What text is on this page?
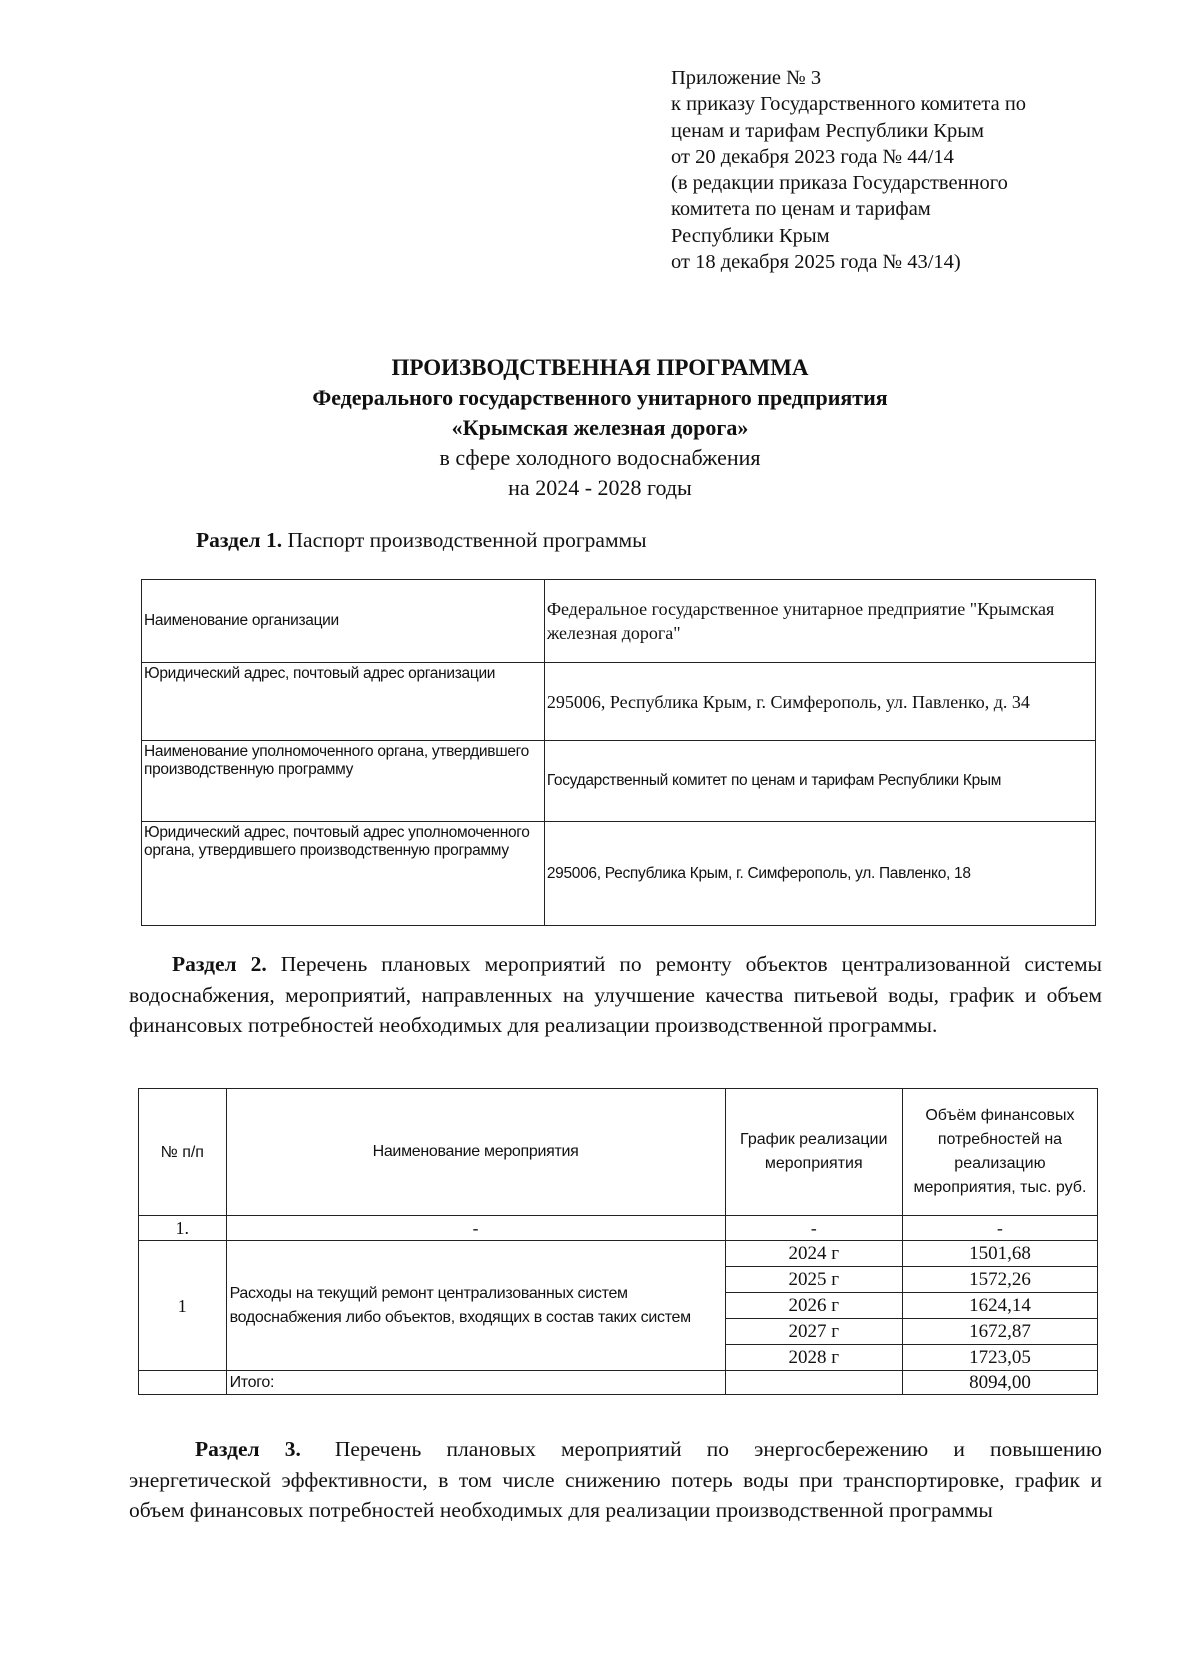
Приложение № 3
к приказу Государственного комитета по
ценам и тарифам Республики Крым
от 20 декабря 2023 года № 44/14
(в редакции приказа Государственного
комитета по ценам и тарифам
Республики Крым
от 18 декабря 2025 года № 43/14)
ПРОИЗВОДСТВЕННАЯ ПРОГРАММА
Федерального государственного унитарного предприятия
«Крымская железная дорога»
в сфере холодного водоснабжения
на 2024 - 2028 годы
Раздел 1. Паспорт производственной программы
Наименование организации	Федеральное государственное унитарное предприятие "Крымская железная дорога"
Юридический адрес, почтовый адрес организации	295006, Республика Крым, г. Симферополь, ул. Павленко, д. 34
Наименование уполномоченного органа, утвердившего производственную программу	Государственный комитет по ценам и тарифам Республики Крым
Юридический адрес, почтовый адрес уполномоченного органа, утвердившего производственную программу	295006, Республика Крым, г. Симферополь, ул. Павленко, 18
Раздел 2. Перечень плановых мероприятий по ремонту объектов централизованной системы водоснабжения, мероприятий, направленных на улучшение качества питьевой воды, график и объем финансовых потребностей необходимых для реализации производственной программы.
№ п/п	Наименование мероприятия	График реализации мероприятия	Объём финансовых потребностей на реализацию мероприятия, тыс. руб.
1.	-	-	-
1	Расходы на текущий ремонт централизованных систем водоснабжения либо объектов, входящих в состав таких систем	2024 г	1501,68
		2025 г	1572,26
		2026 г	1624,14
		2027 г	1672,87
		2028 г	1723,05
	Итого:		8094,00
Раздел 3. Перечень плановых мероприятий по энергосбережению и повышению энергетической эффективности, в том числе снижению потерь воды при транспортировке, график и объем финансовых потребностей необходимых для реализации производственной программы
